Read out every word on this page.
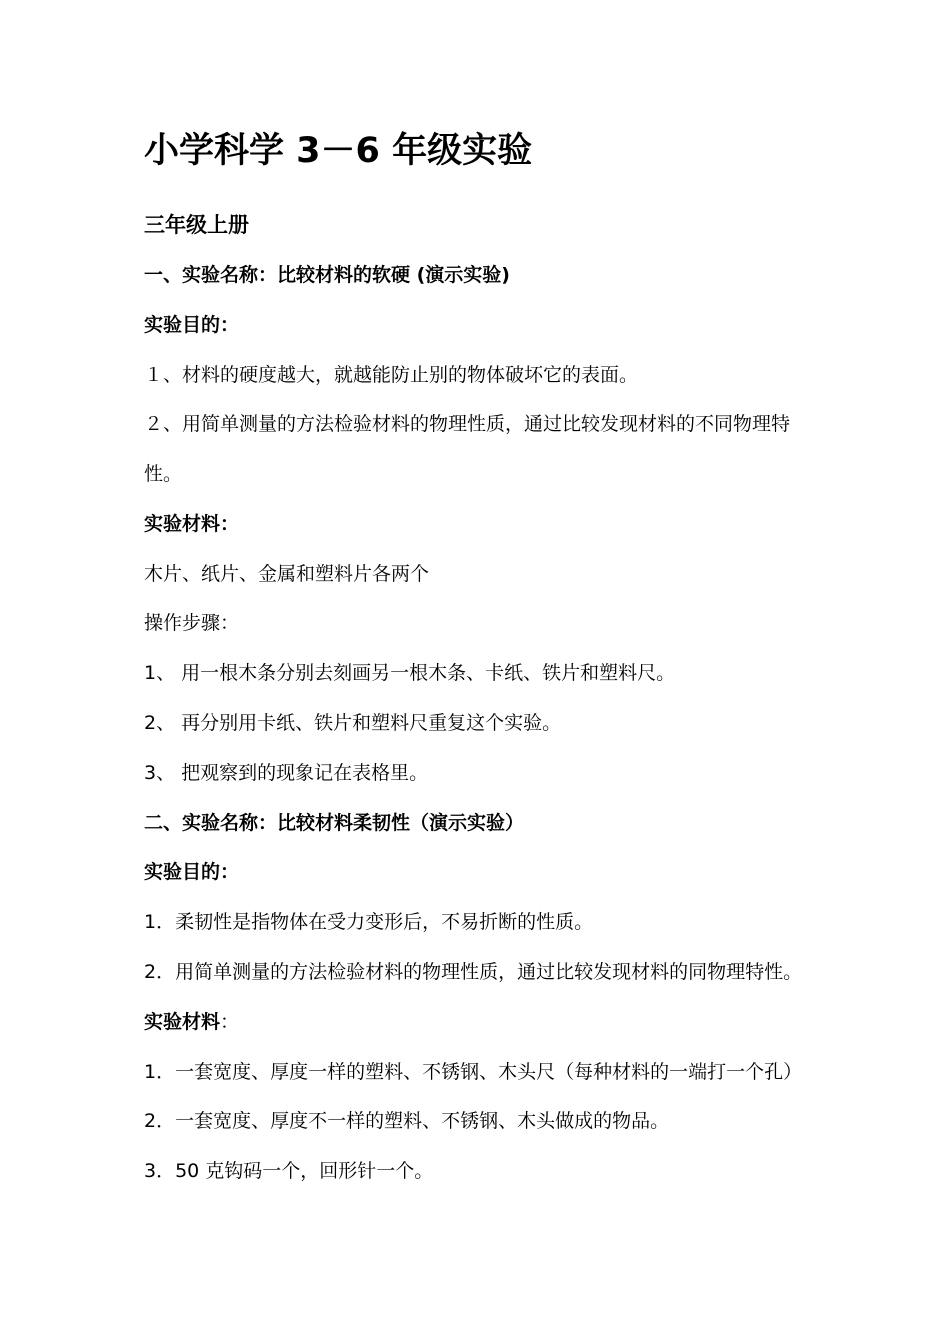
小学科学 3－6 年级实验
三年级上册
一、实验名称：比较材料的软硬 (演示实验)
实验目的：
１、材料的硬度越大，就越能防止别的物体破坏它的表面。
２、用简单测量的方法检验材料的物理性质，通过比较发现材料的不同物理特性。
实验材料：
木片、纸片、金属和塑料片各两个
操作步骤：
1、 用一根木条分别去刻画另一根木条、卡纸、铁片和塑料尺。
2、 再分别用卡纸、铁片和塑料尺重复这个实验。
3、 把观察到的现象记在表格里。
二、实验名称：比较材料柔韧性（演示实验）
实验目的：
1．柔韧性是指物体在受力变形后，不易折断的性质。
2．用简单测量的方法检验材料的物理性质，通过比较发现材料的同物理特性。
实验材料：
1．一套宽度、厚度一样的塑料、不锈钢、木头尺（每种材料的一端打一个孔）
2．一套宽度、厚度不一样的塑料、不锈钢、木头做成的物品。
3．50 克钩码一个，回形针一个。
